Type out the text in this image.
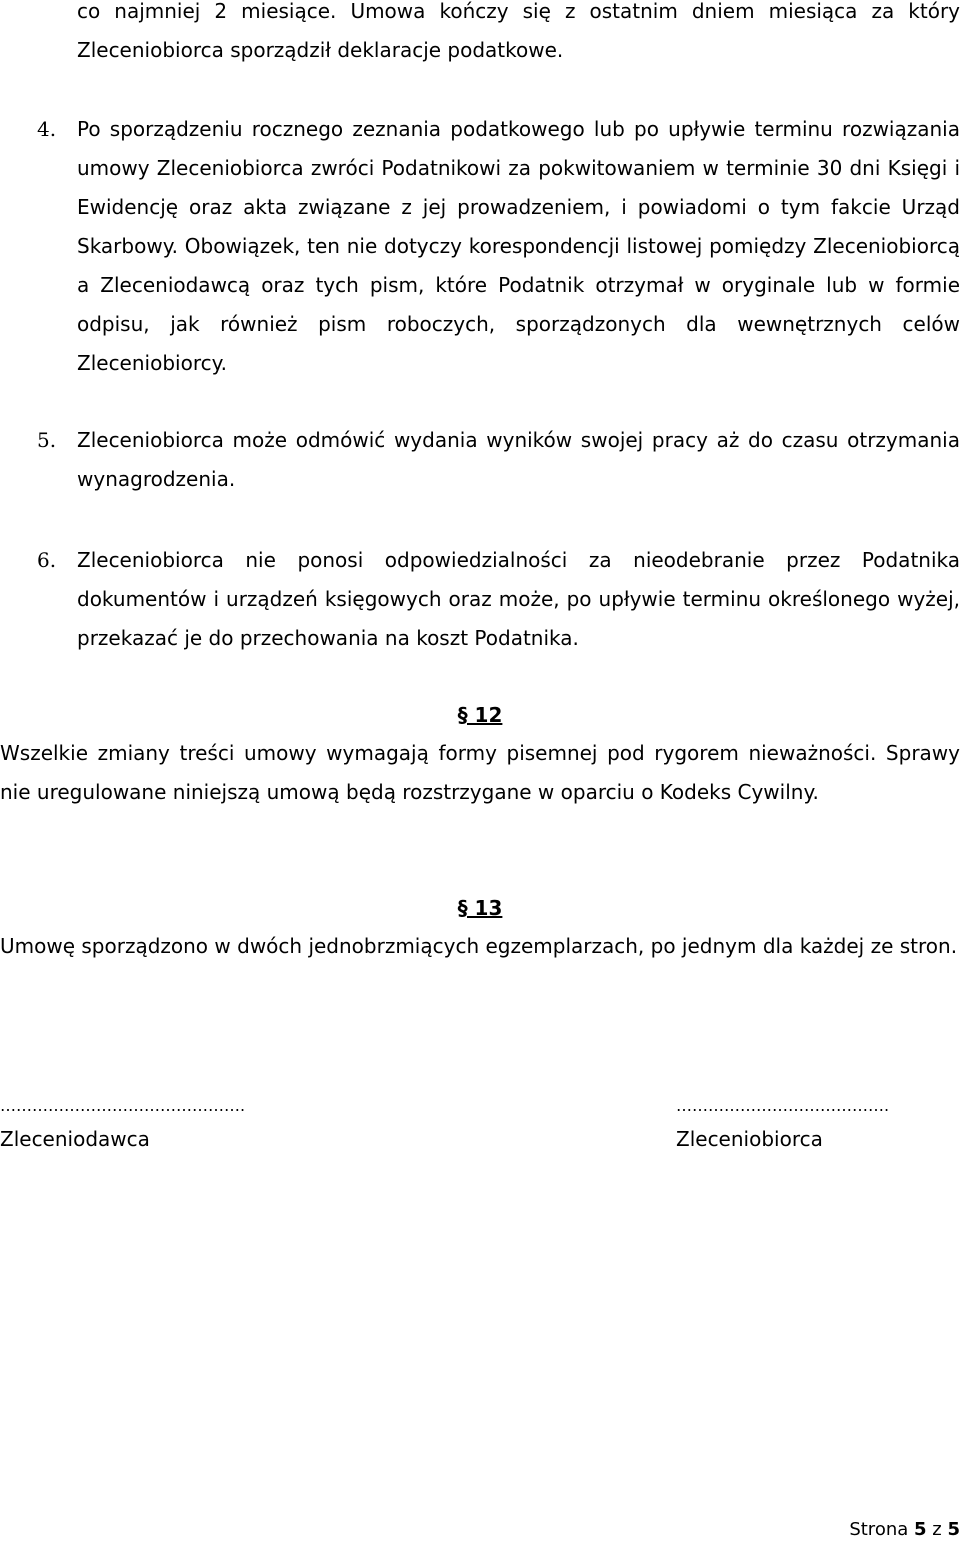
co najmniej 2 miesiące. Umowa kończy się z ostatnim dniem miesiąca za który Zleceniobiorca sporządził deklaracje podatkowe.
4. Po sporządzeniu rocznego zeznania podatkowego lub po upływie terminu rozwiązania umowy Zleceniobiorca zwróci Podatnikowi za pokwitowaniem w terminie 30 dni Księgi i Ewidencję oraz akta związane z jej prowadzeniem, i powiadomi o tym fakcie Urząd Skarbowy. Obowiązek, ten nie dotyczy korespondencji listowej pomiędzy Zleceniobiorcą a Zleceniodawcą oraz tych pism, które Podatnik otrzymał w oryginale lub w formie odpisu, jak również pism roboczych, sporządzonych dla wewnętrznych celów Zleceniobiorcy.
5. Zleceniobiorca może odmówić wydania wyników swojej pracy aż do czasu otrzymania wynagrodzenia.
6. Zleceniobiorca nie ponosi odpowiedzialności za nieodebranie przez Podatnika dokumentów i urządzeń księgowych oraz może, po upływie terminu określonego wyżej, przekazać je do przechowania na koszt Podatnika.
§ 12
Wszelkie zmiany treści umowy wymagają formy pisemnej pod rygorem nieważności. Sprawy nie uregulowane niniejszą umową będą rozstrzygane w oparciu o Kodeks Cywilny.
§ 13
Umowę sporządzono w dwóch jednobrzmiących egzemplarzach, po jednym dla każdej ze stron.
……………………………………….
Zleceniodawca
………………………………….
Zleceniobiorca
Strona 5 z 5
